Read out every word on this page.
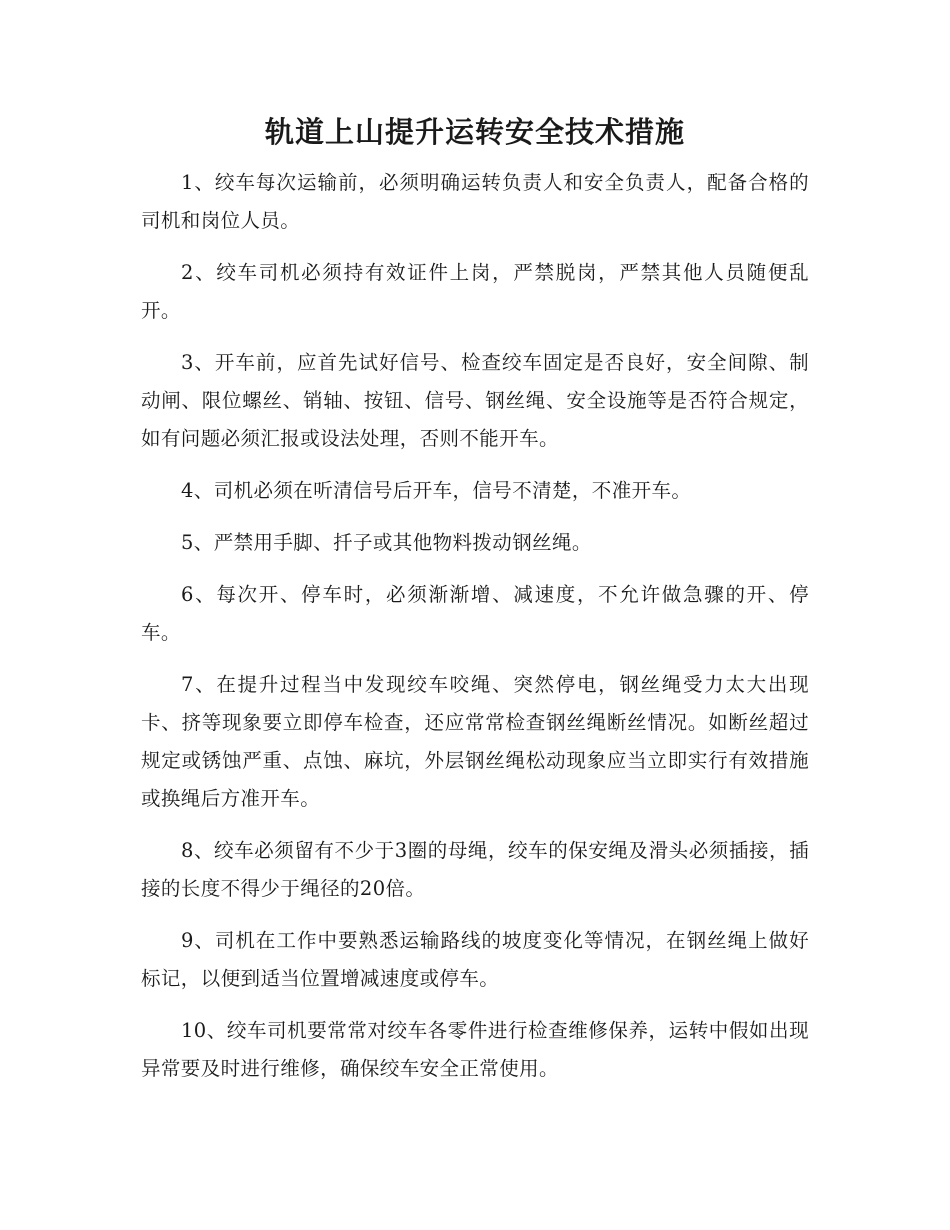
轨道上山提升运转安全技术措施

1、绞车每次运输前，必须明确运转负责人和安全负责人，配备合格的司机和岗位人员。

2、绞车司机必须持有效证件上岗，严禁脱岗，严禁其他人员随便乱开。

3、开车前，应首先试好信号、检查绞车固定是否良好，安全间隙、制动闸、限位螺丝、销轴、按钮、信号、钢丝绳、安全设施等是否符合规定，如有问题必须汇报或设法处理，否则不能开车。

4、司机必须在听清信号后开车，信号不清楚，不准开车。

5、严禁用手脚、扦子或其他物料拨动钢丝绳。

6、每次开、停车时，必须渐渐增、减速度，不允许做急骤的开、停车。

7、在提升过程当中发现绞车咬绳、突然停电，钢丝绳受力太大出现卡、挤等现象要立即停车检查，还应常常检查钢丝绳断丝情况。如断丝超过规定或锈蚀严重、点蚀、麻坑，外层钢丝绳松动现象应当立即实行有效措施或换绳后方准开车。

8、绞车必须留有不少于3圈的母绳，绞车的保安绳及滑头必须插接，插接的长度不得少于绳径的20倍。

9、司机在工作中要熟悉运输路线的坡度变化等情况，在钢丝绳上做好标记，以便到适当位置增减速度或停车。

10、绞车司机要常常对绞车各零件进行检查维修保养，运转中假如出现异常要及时进行维修，确保绞车安全正常使用。
